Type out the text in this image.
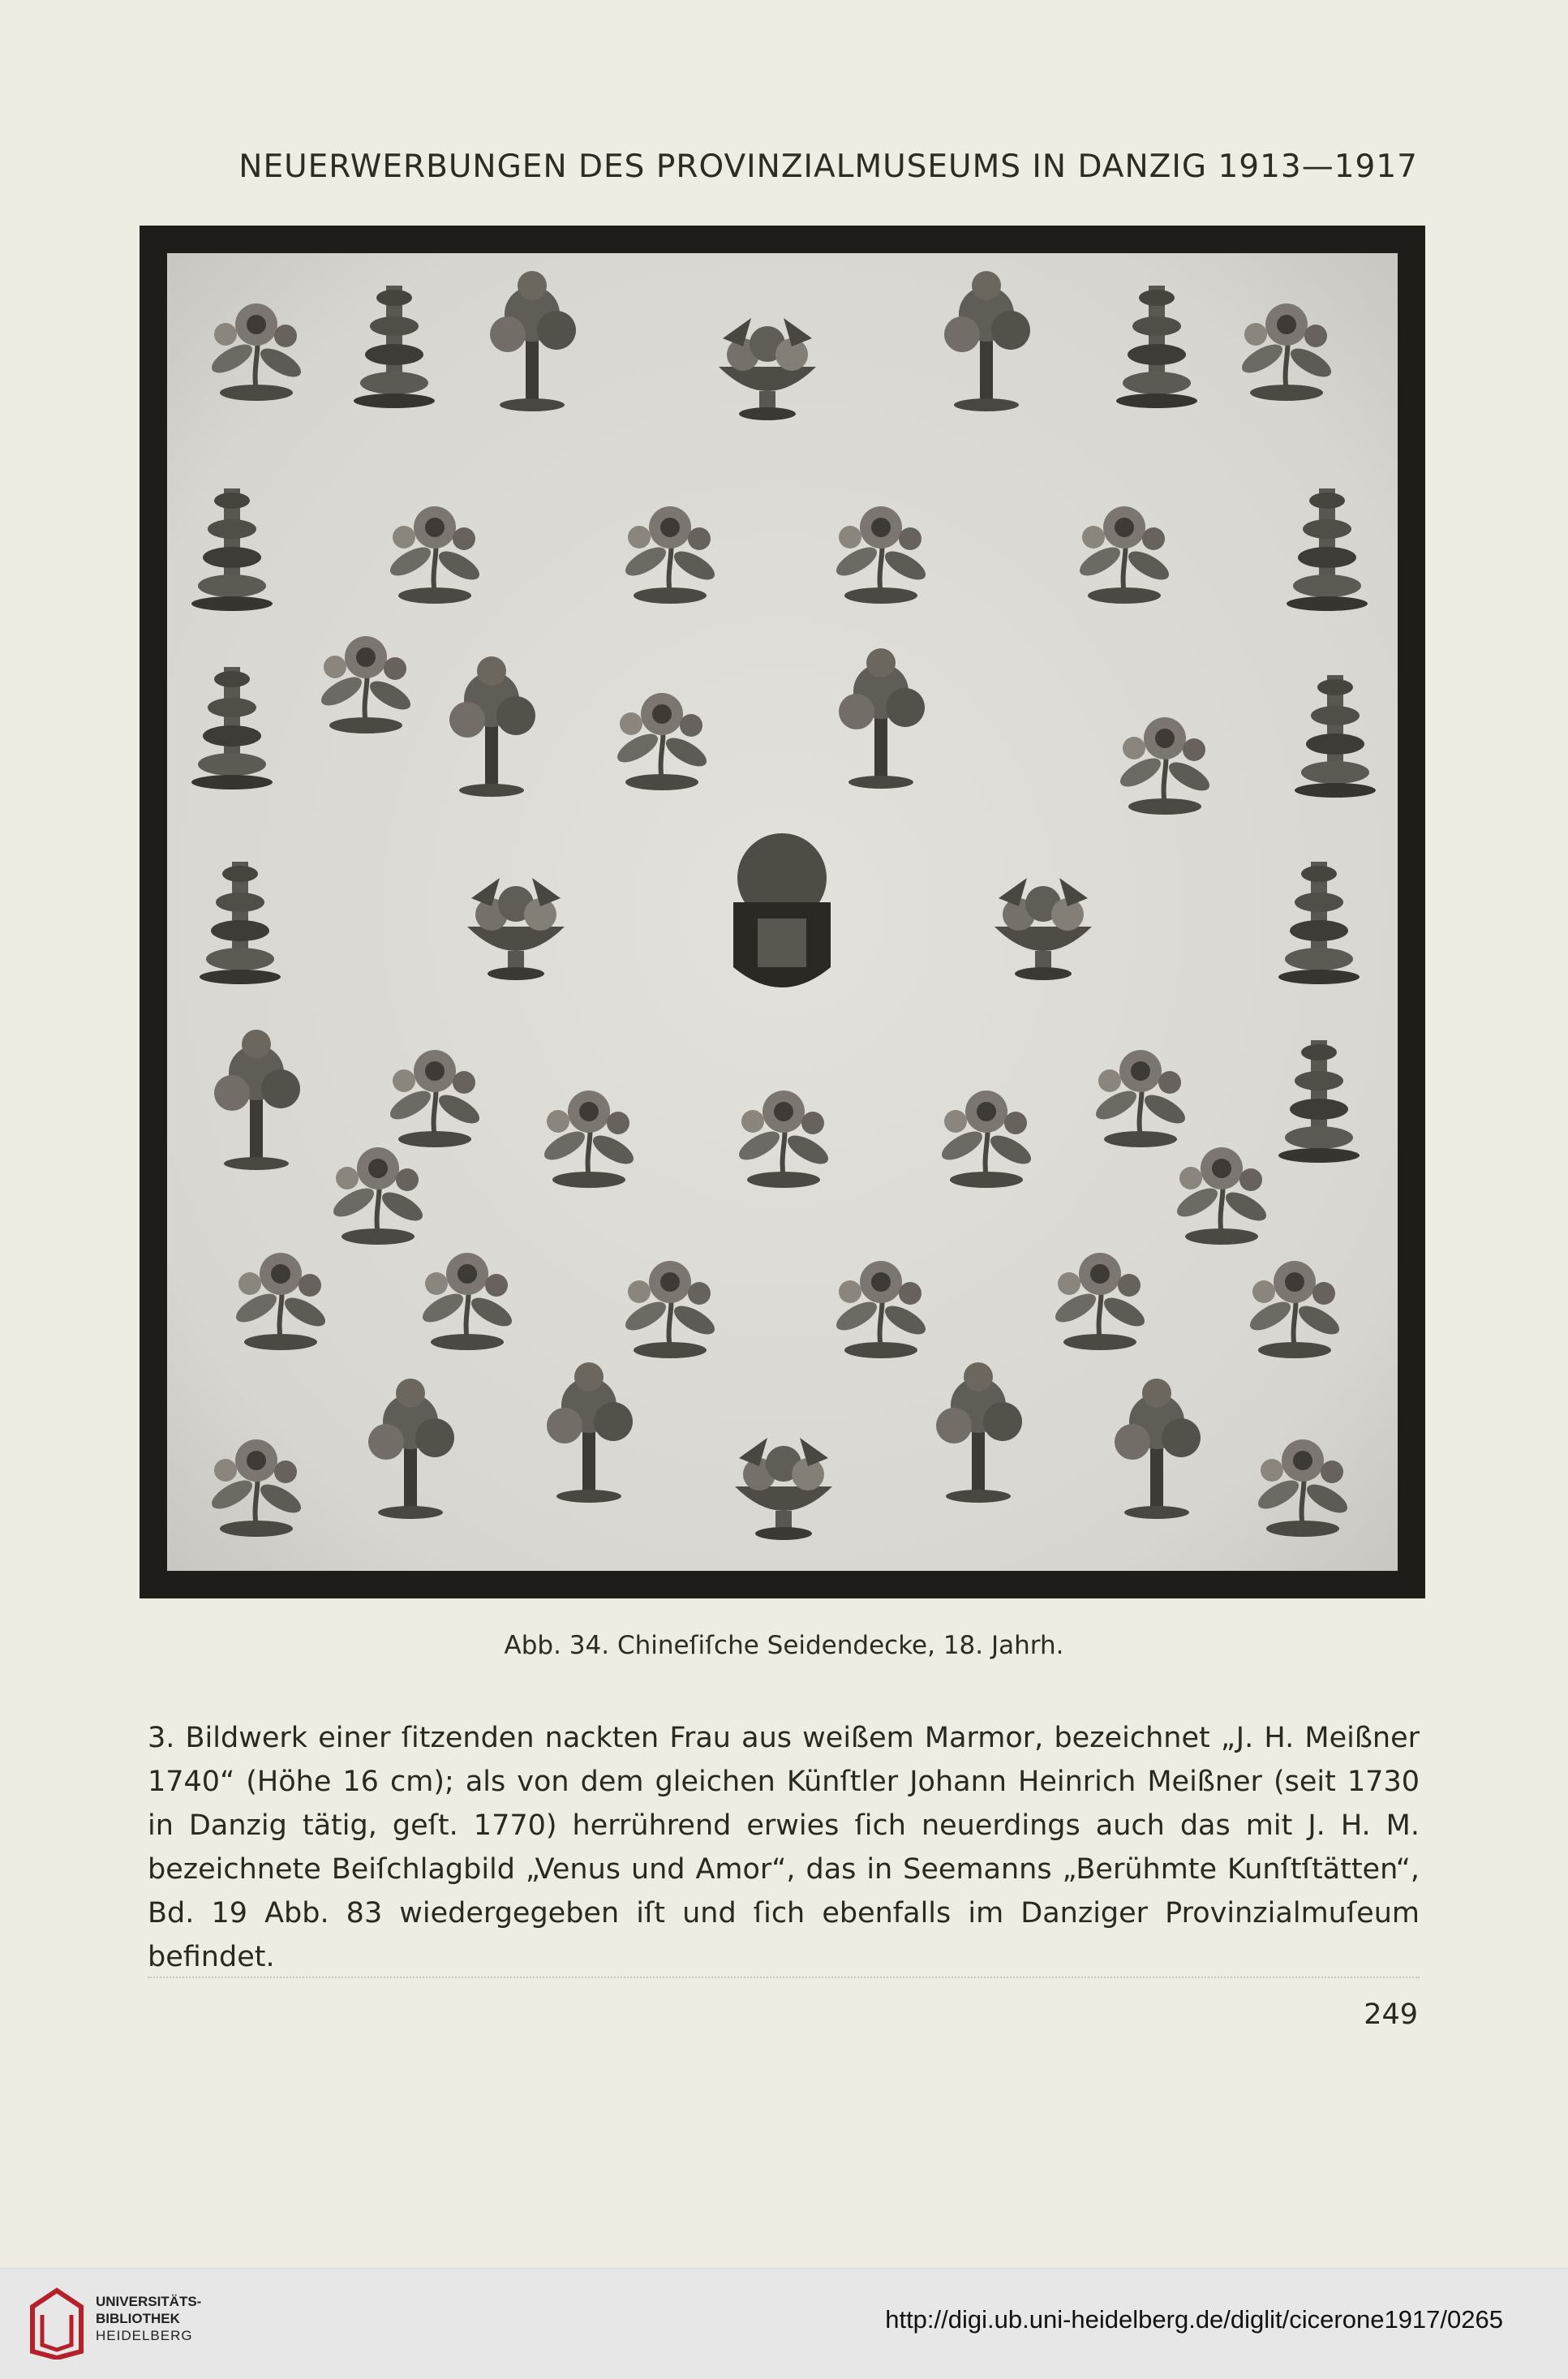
NEUERWERBUNGEN DES PROVINZIALMUSEUMS IN DANZIG 1913—1917
Abb. 34. Chineſiſche Seidendecke, 18. Jahrh.
3. Bildwerk einer ſitzenden nackten Frau aus weißem Marmor, bezeichnet „J. H. Meißner 1740“ (Höhe 16 cm); als von dem gleichen Künſtler Johann Heinrich Meißner (seit 1730 in Danzig tätig, geſt. 1770) herrührend erwies ſich neuerdings auch das mit J. H. M. bezeichnete Beiſchlagbild „Venus und Amor“, das in Seemanns „Berühmte Kunſtſtätten“, Bd. 19 Abb. 83 wiedergegeben iſt und ſich ebenfalls im Danziger Provinzialmuſeum befindet.
249
UNIVERSITÄTS-
BIBLIOTHEK
HEIDELBERG
http://digi.ub.uni-heidelberg.de/diglit/cicerone1917/0265
